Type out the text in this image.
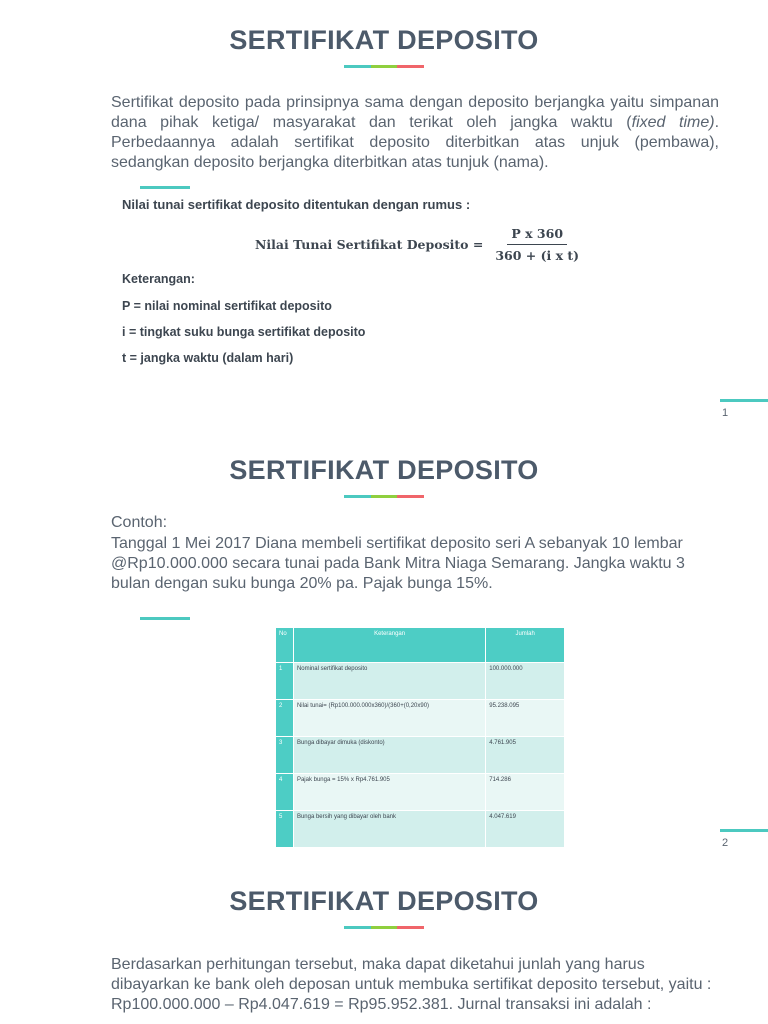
SERTIFIKAT DEPOSITO
Sertifikat deposito pada prinsipnya sama dengan deposito berjangka yaitu simpanan dana pihak ketiga/ masyarakat dan terikat oleh jangka waktu (fixed time). Perbedaannya adalah sertifikat deposito diterbitkan atas unjuk (pembawa), sedangkan deposito berjangka diterbitkan atas tunjuk (nama).
Nilai tunai sertifikat deposito ditentukan dengan rumus :
Nilai Tunai Sertifikat Deposito = $\frac{\text{P x 360}}{\text{360 + (i x t)}}$
Keterangan:
P = nilai nominal sertifikat deposito
i = tingkat suku bunga sertifikat deposito
t = jangka waktu (dalam hari)
1
SERTIFIKAT DEPOSITO
Contoh:
Tanggal 1 Mei 2017 Diana membeli sertifikat deposito seri A sebanyak 10 lembar @Rp10.000.000 secara tunai pada Bank Mitra Niaga Semarang. Jangka waktu 3 bulan dengan suku bunga 20% pa. Pajak bunga 15%.
No	Keterangan	Jumlah
1	Nominal sertifikat deposito	100.000.000
2	Nilai tunai= (Rp100.000.000x360)/(360+(0,20x90)	95.238.095
3	Bunga dibayar dimuka (diskonto)	4.761.905
4	Pajak bunga = 15% x Rp4.761.905	714.286
5	Bunga bersih yang dibayar oleh bank	4.047.619
2
SERTIFIKAT DEPOSITO
Berdasarkan perhitungan tersebut, maka dapat diketahui junlah yang harus dibayarkan ke bank oleh deposan untuk membuka sertifikat deposito tersebut, yaitu : Rp100.000.000 – Rp4.047.619 = Rp95.952.381. Jurnal transaksi ini adalah :
